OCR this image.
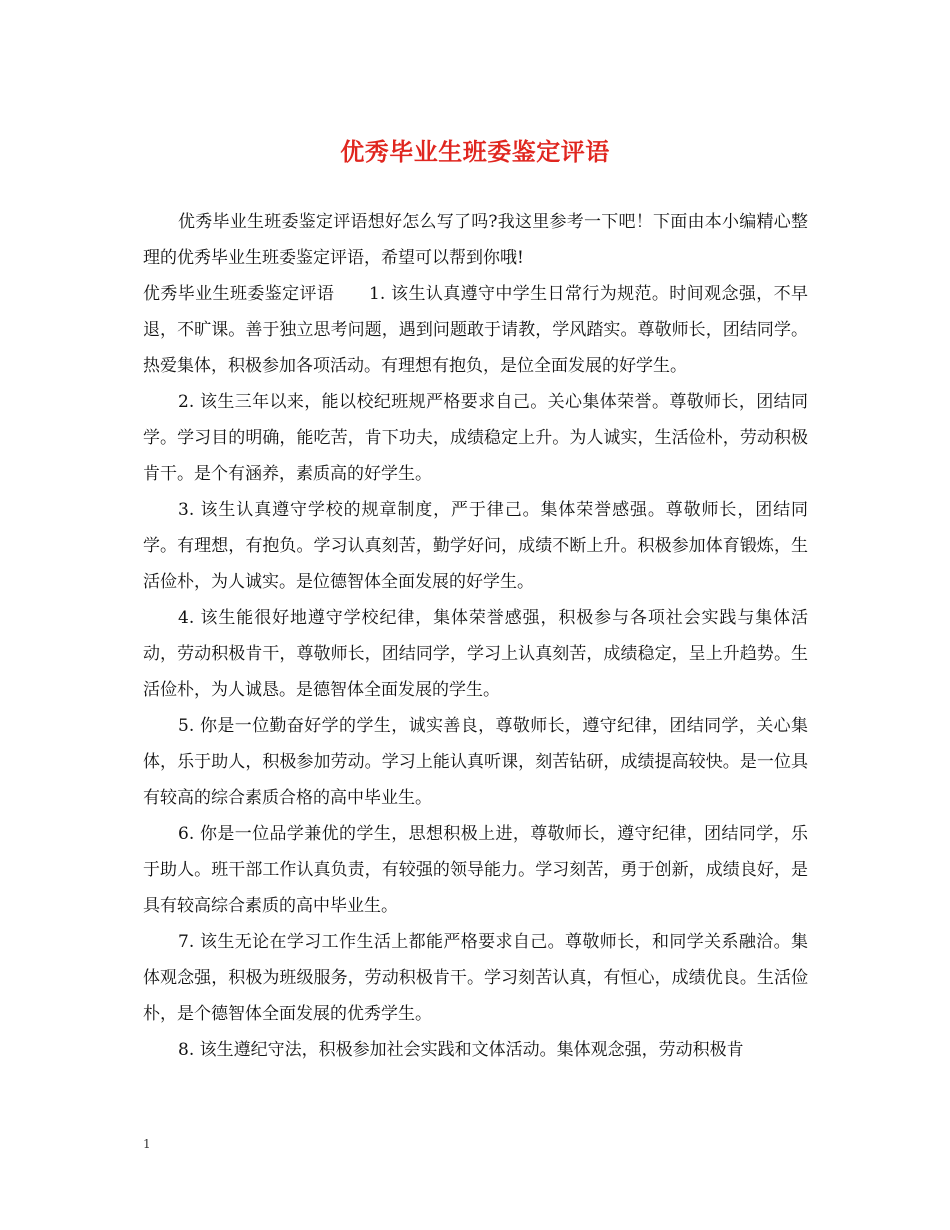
优秀毕业生班委鉴定评语

优秀毕业生班委鉴定评语想好怎么写了吗?我这里参考一下吧！下面由本小编精心整理的优秀毕业生班委鉴定评语，希望可以帮到你哦!

优秀毕业生班委鉴定评语　　1. 该生认真遵守中学生日常行为规范。时间观念强，不早退，不旷课。善于独立思考问题，遇到问题敢于请教，学风踏实。尊敬师长，团结同学。热爱集体，积极参加各项活动。有理想有抱负，是位全面发展的好学生。

2. 该生三年以来，能以校纪班规严格要求自己。关心集体荣誉。尊敬师长，团结同学。学习目的明确，能吃苦，肯下功夫，成绩稳定上升。为人诚实，生活俭朴，劳动积极肯干。是个有涵养，素质高的好学生。

3. 该生认真遵守学校的规章制度，严于律己。集体荣誉感强。尊敬师长，团结同学。有理想，有抱负。学习认真刻苦，勤学好问，成绩不断上升。积极参加体育锻炼，生活俭朴，为人诚实。是位德智体全面发展的好学生。

4. 该生能很好地遵守学校纪律，集体荣誉感强，积极参与各项社会实践与集体活动，劳动积极肯干，尊敬师长，团结同学，学习上认真刻苦，成绩稳定，呈上升趋势。生活俭朴，为人诚恳。是德智体全面发展的学生。

5. 你是一位勤奋好学的学生，诚实善良，尊敬师长，遵守纪律，团结同学，关心集体，乐于助人，积极参加劳动。学习上能认真听课，刻苦钻研，成绩提高较快。是一位具有较高的综合素质合格的高中毕业生。

6. 你是一位品学兼优的学生，思想积极上进，尊敬师长，遵守纪律，团结同学，乐于助人。班干部工作认真负责，有较强的领导能力。学习刻苦，勇于创新，成绩良好，是具有较高综合素质的高中毕业生。

7. 该生无论在学习工作生活上都能严格要求自己。尊敬师长，和同学关系融洽。集体观念强，积极为班级服务，劳动积极肯干。学习刻苦认真，有恒心，成绩优良。生活俭朴，是个德智体全面发展的优秀学生。

8. 该生遵纪守法，积极参加社会实践和文体活动。集体观念强，劳动积极肯

1
